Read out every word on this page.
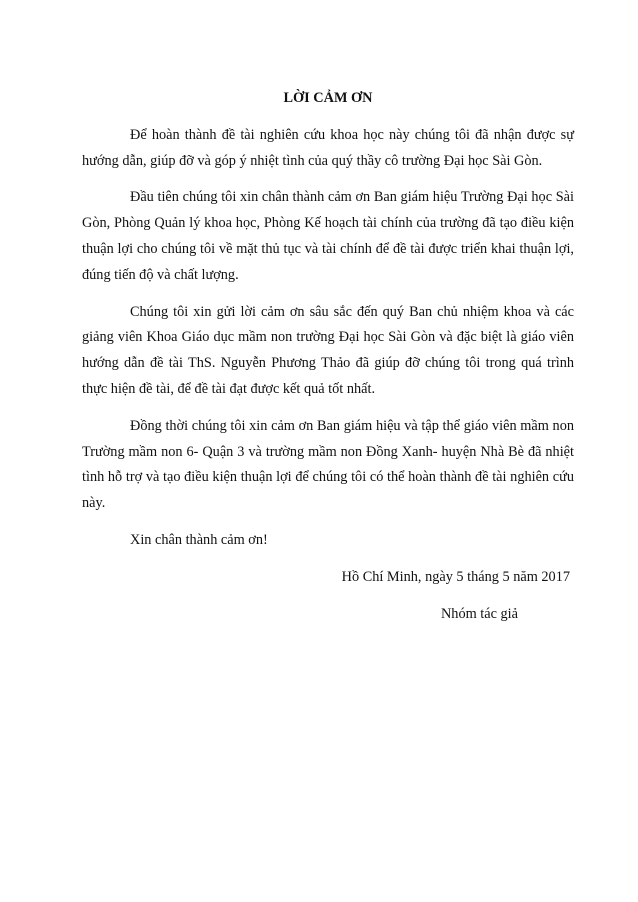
LỜI CẢM ƠN

Để hoàn thành đề tài nghiên cứu khoa học này chúng tôi đã nhận được sự hướng dẫn, giúp đỡ và góp ý nhiệt tình của quý thầy cô trường Đại học Sài Gòn.

Đầu tiên chúng tôi xin chân thành cảm ơn Ban giám hiệu Trường Đại học Sài Gòn, Phòng Quản lý khoa học, Phòng Kế hoạch tài chính của trường đã tạo điều kiện thuận lợi cho chúng tôi về mặt thủ tục và tài chính để đề tài được triển khai thuận lợi, đúng tiến độ và chất lượng.

Chúng tôi xin gửi lời cảm ơn sâu sắc đến quý Ban chủ nhiệm khoa và các giảng viên Khoa Giáo dục mầm non trường Đại học Sài Gòn và đặc biệt là giáo viên hướng dẫn đề tài ThS. Nguyễn Phương Thảo đã giúp đỡ chúng tôi trong quá trình thực hiện đề tài, để đề tài đạt được kết quả tốt nhất.

Đồng thời chúng tôi xin cảm ơn Ban giám hiệu và tập thể giáo viên mầm non Trường mầm non 6- Quận 3 và trường mầm non Đồng Xanh- huyện Nhà Bè đã nhiệt tình hỗ trợ và tạo điều kiện thuận lợi để chúng tôi có thể hoàn thành đề tài nghiên cứu này.

Xin chân thành cảm ơn!

Hồ Chí Minh, ngày 5 tháng 5 năm 2017

Nhóm tác giả
